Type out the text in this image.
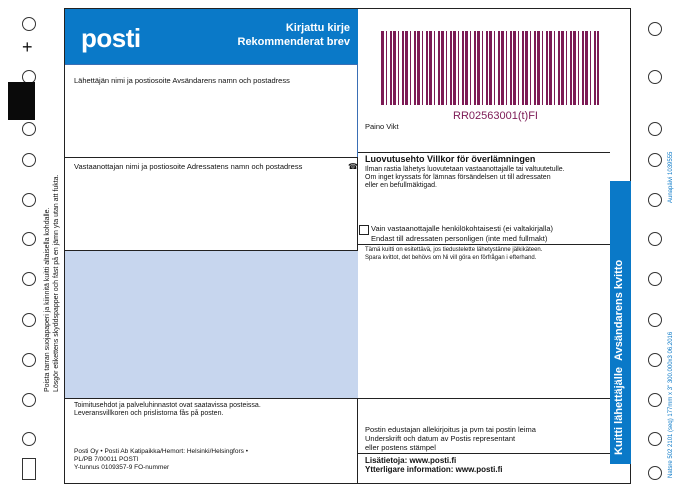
+
Poista tarran suojapaperi ja kiinnitä kuitti altaisella kohdalle. Lösgör etikettens skyddspapper och fäst på en jämn yta utan att fukta.
posti	Kirjattu kirje
Rekommenderat brev
Lähettäjän nimi ja postiosoite Avsändarens namn och postadress
RR02563001(t)FI
Paino Vikt
Vastaanottajan nimi ja postiosoite Adressatens namn och postadress	☎
Luovutusehto Villkor för överlämningen
Ilman rastia lähetys luovutetaan vastaanottajalle tai valtuutetulle.
Om inget kryssats för lämnas försändelsen ut till adressaten
eller en befullmäktigad.
Vain vastaanottajalle henkilökohtaisesti (ei valtakirjalla)
Endast till adressaten personligen (inte med fullmakt)
Tämä kuitti on esitettävä, jos tiedustelette lähetystänne jälkikäteen.
Spara kvittot, det behövs om Ni vill göra en förfrågan i efterhand.
Toimitusehdot ja palveluhinnastot ovat saatavissa posteissa.
Leveransvillkoren och prislistorna fås på posten.
Postin edustajan allekirjoitus ja pvm tai postin leima
Underskrift och datum av Postis representant
eller postens stämpel
Posti Oy • Posti Ab Katipaikka/Hemort: Helsinki/Helsingfors •
PL/PB 7/00011 POSTI
Y-tunnus 0109357-9 FO-nummer
Lisätietoja: www.posti.fi
Ytterligare information: www.posti.fi
Kuitti lähettäjälle  Avsändarens kvitto
Aunapäivi 1039555
Natsre 502 2101 (seq) 177mm x 3" 300.000x3 06.2016
